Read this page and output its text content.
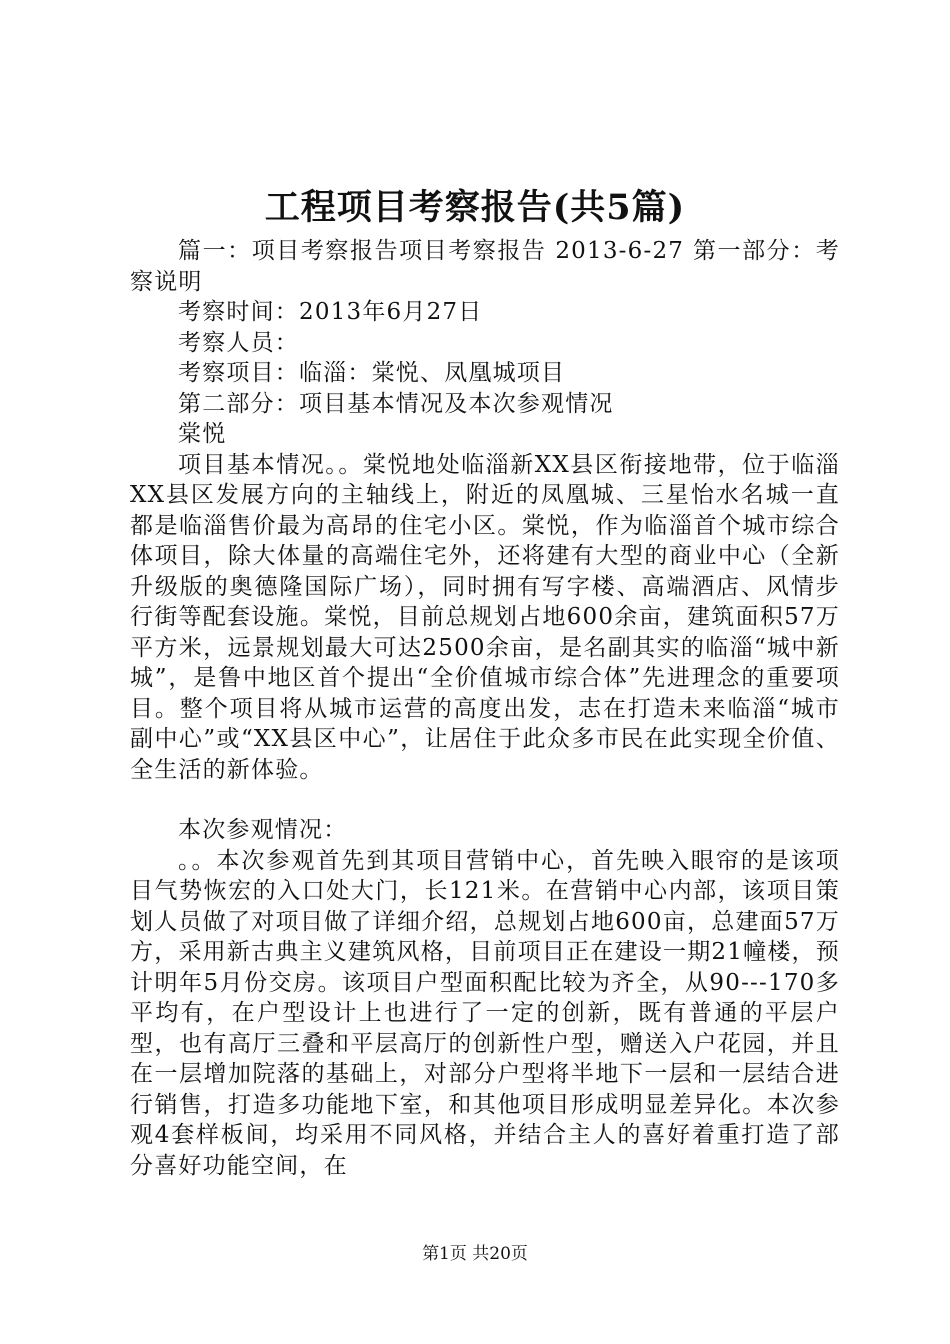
工程项目考察报告(共5篇)

篇一：项目考察报告项目考察报告 2013-6-27 第一部分：考察说明

考察时间：2013年6月27日

考察人员：

考察项目：临淄：棠悦、凤凰城项目

第二部分：项目基本情况及本次参观情况

棠悦

项目基本情况。。棠悦地处临淄新XX县区衔接地带，位于临淄XX县区发展方向的主轴线上，附近的凤凰城、三星怡水名城一直都是临淄售价最为高昂的住宅小区。棠悦，作为临淄首个城市综合体项目，除大体量的高端住宅外，还将建有大型的商业中心（全新升级版的奥德隆国际广场），同时拥有写字楼、高端酒店、风情步行街等配套设施。棠悦，目前总规划占地600余亩，建筑面积57万平方米，远景规划最大可达2500余亩，是名副其实的临淄“城中新城”，是鲁中地区首个提出“全价值城市综合体”先进理念的重要项目。整个项目将从城市运营的高度出发，志在打造未来临淄“城市副中心”或“XX县区中心”，让居住于此众多市民在此实现全价值、全生活的新体验。

本次参观情况：

。。本次参观首先到其项目营销中心，首先映入眼帘的是该项目气势恢宏的入口处大门，长121米。在营销中心内部，该项目策划人员做了对项目做了详细介绍，总规划占地600亩，总建面57万方，采用新古典主义建筑风格，目前项目正在建设一期21幢楼，预计明年5月份交房。该项目户型面积配比较为齐全，从90---170多平均有，在户型设计上也进行了一定的创新，既有普通的平层户型，也有高厅三叠和平层高厅的创新性户型，赠送入户花园，并且在一层增加院落的基础上，对部分户型将半地下一层和一层结合进行销售，打造多功能地下室，和其他项目形成明显差异化。本次参观4套样板间，均采用不同风格，并结合主人的喜好着重打造了部分喜好功能空间，在

第1页 共20页
